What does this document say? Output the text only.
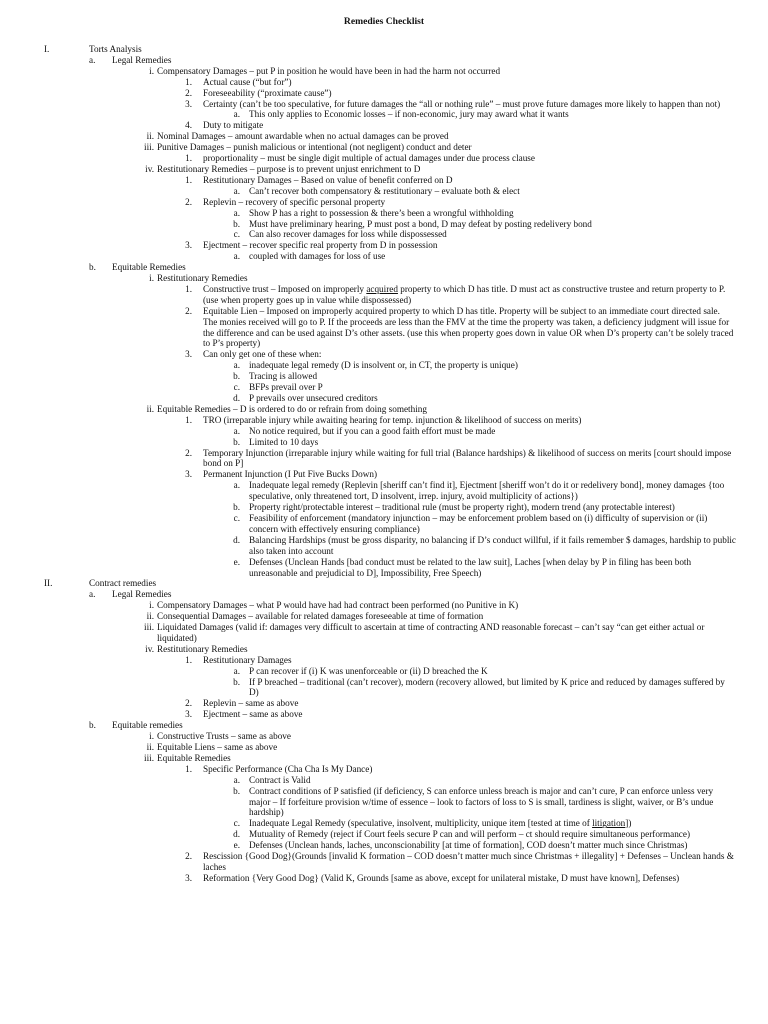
Remedies Checklist
I.	Torts Analysis
a. Legal Remedies
i. Compensatory Damages – put P in position he would have been in had the harm not occurred
1. Actual cause (“but for”)
2. Foreseeability (“proximate cause”)
3. Certainty (can’t be too speculative, for future damages the “all or nothing rule” – must prove future damages more likely to happen than not)
a. This only applies to Economic losses – if non-economic, jury may award what it wants
4. Duty to mitigate
ii. Nominal Damages – amount awardable when no actual damages can be proved
iii. Punitive Damages – punish malicious or intentional (not negligent) conduct and deter
1. proportionality – must be single digit multiple of actual damages under due process clause
iv. Restitutionary Remedies – purpose is to prevent unjust enrichment to D
1. Restitutionary Damages – Based on value of benefit conferred on D
a. Can’t recover both compensatory & restitutionary – evaluate both & elect
2. Replevin – recovery of specific personal property
a. Show P has a right to possession & there’s been a wrongful withholding
b. Must have preliminary hearing, P must post a bond, D may defeat by posting redelivery bond
c. Can also recover damages for loss while dispossessed
3. Ejectment – recover specific real property from D in possession
a. coupled with damages for loss of use
b. Equitable Remedies
i. Restitutionary Remedies
1. Constructive trust – Imposed on improperly acquired property to which D has title. D must act as constructive trustee and return property to P. (use when property goes up in value while dispossessed)
2. Equitable Lien – Imposed on improperly acquired property to which D has title. Property will be subject to an immediate court directed sale. The monies received will go to P. If the proceeds are less than the FMV at the time the property was taken, a deficiency judgment will issue for the difference and can be used against D’s other assets. (use this when property goes down in value OR when D’s property can’t be solely traced to P’s property)
3. Can only get one of these when:
a. inadequate legal remedy (D is insolvent or, in CT, the property is unique)
b. Tracing is allowed
c. BFPs prevail over P
d. P prevails over unsecured creditors
ii. Equitable Remedies – D is ordered to do or refrain from doing something
1. TRO (irreparable injury while awaiting hearing for temp. injunction & likelihood of success on merits)
a. No notice required, but if you can a good faith effort must be made
b. Limited to 10 days
2. Temporary Injunction (irreparable injury while waiting for full trial (Balance hardships) & likelihood of success on merits [court should impose bond on P]
3. Permanent Injunction (I Put Five Bucks Down)
a. Inadequate legal remedy (Replevin [sheriff can’t find it], Ejectment [sheriff won’t do it or redelivery bond], money damages {too speculative, only threatened tort, D insolvent, irrep. injury, avoid multiplicity of actions})
b. Property right/protectable interest – traditional rule (must be property right), modern trend (any protectable interest)
c. Feasibility of enforcement (mandatory injunction – may be enforcement problem based on (i) difficulty of supervision or (ii) concern with effectively ensuring compliance)
d. Balancing Hardships (must be gross disparity, no balancing if D’s conduct willful, if it fails remember $ damages, hardship to public also taken into account
e. Defenses (Unclean Hands [bad conduct must be related to the law suit], Laches [when delay by P in filing has been both unreasonable and prejudicial to D], Impossibility, Free Speech)
II.	Contract remedies
a. Legal Remedies
i. Compensatory Damages – what P would have had had contract been performed (no Punitive in K)
ii. Consequential Damages – available for related damages foreseeable at time of formation
iii. Liquidated Damages (valid if: damages very difficult to ascertain at time of contracting AND reasonable forecast – can’t say “can get either actual or liquidated)
iv. Restitutionary Remedies
1. Restitutionary Damages
a. P can recover if (i) K was unenforceable or (ii) D breached the K
b. If P breached – traditional (can’t recover), modern (recovery allowed, but limited by K price and reduced by damages suffered by D)
2. Replevin – same as above
3. Ejectment – same as above
b. Equitable remedies
i. Constructive Trusts – same as above
ii. Equitable Liens – same as above
iii. Equitable Remedies
1. Specific Performance (Cha Cha Is My Dance)
a. Contract is Valid
b. Contract conditions of P satisfied (if deficiency, S can enforce unless breach is major and can’t cure, P can enforce unless very major – If forfeiture provision w/time of essence – look to factors of loss to S is small, tardiness is slight, waiver, or B’s undue hardship)
c. Inadequate Legal Remedy (speculative, insolvent, multiplicity, unique item [tested at time of litigation])
d. Mutuality of Remedy (reject if Court feels secure P can and will perform – ct should require simultaneous performance)
e. Defenses (Unclean hands, laches, unconscionability [at time of formation], COD doesn’t matter much since Christmas)
2. Rescission {Good Dog}(Grounds [invalid K formation – COD doesn’t matter much since Christmas + illegality] + Defenses – Unclean hands & laches
3. Reformation {Very Good Dog} (Valid K, Grounds [same as above, except for unilateral mistake, D must have known], Defenses)
